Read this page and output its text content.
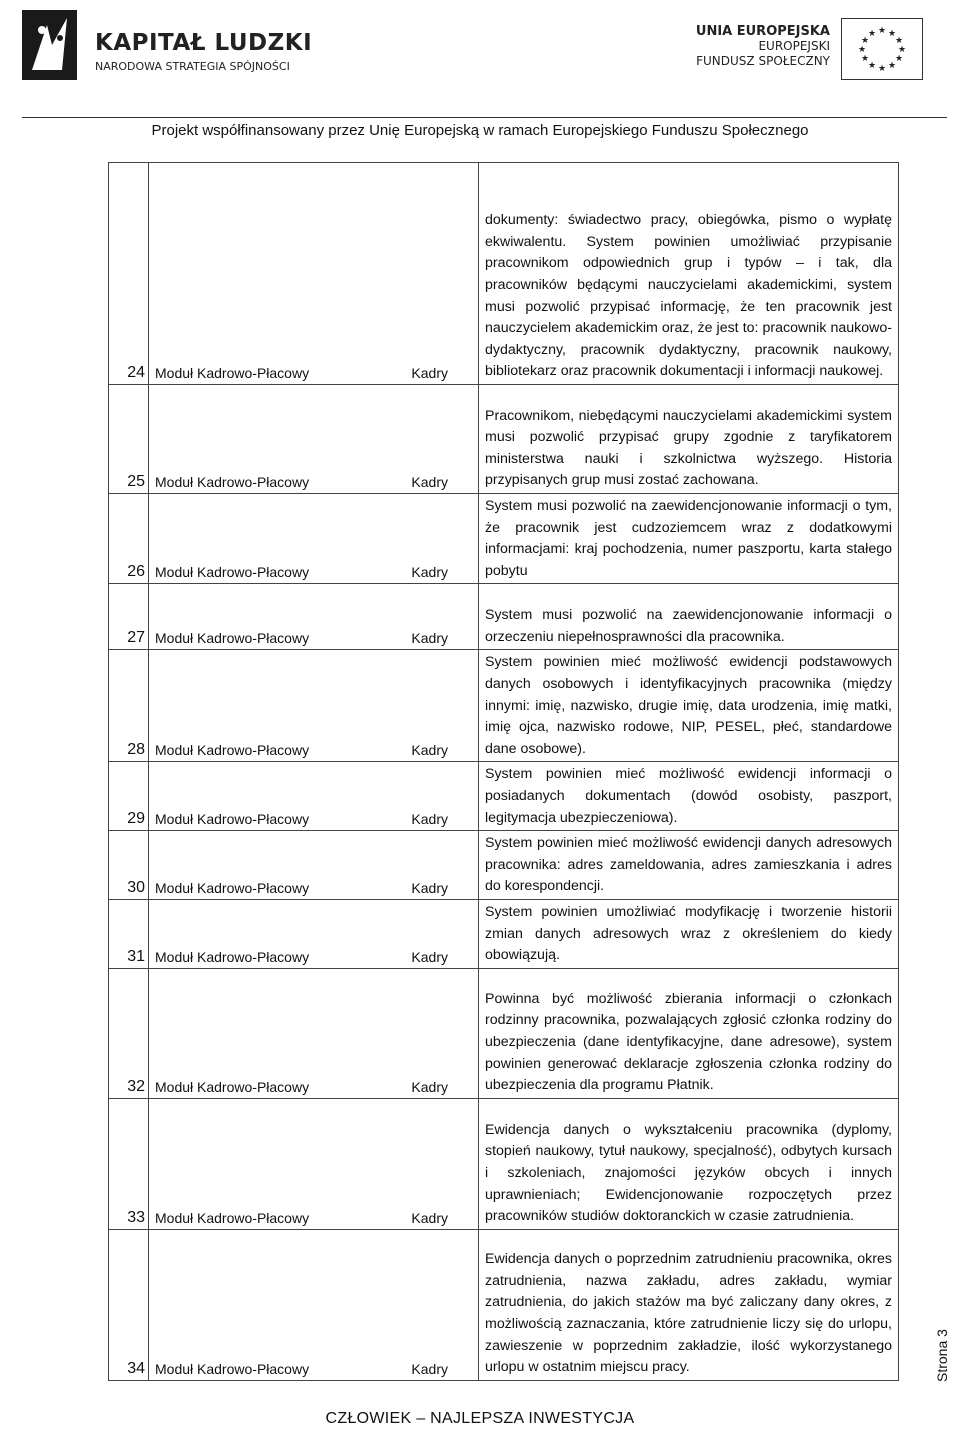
KAPITAŁ LUDZKI
NARODOWA STRATEGIA SPÓJNOŚCI
UNIA EUROPEJSKA
EUROPEJSKI
FUNDUSZ SPOŁECZNY
★ ★
★
★
★
★
★
★
★
★
★
★
Projekt współfinansowany przez Unię Europejską w ramach Europejskiego Funduszu Społecznego
24	Moduł Kadrowo-Płacowy Kadry	dokumenty: świadectwo pracy, obiegówka, pismo o wypłatę ekwiwalentu. System powinien umożliwiać przypisanie pracownikom odpowiednich grup i typów – i tak, dla pracowników będącymi nauczycielami akademickimi, system musi pozwolić przypisać informację, że ten pracownik jest nauczycielem akademickim oraz, że jest to: pracownik naukowo-dydaktyczny, pracownik dydaktyczny, pracownik naukowy, bibliotekarz oraz pracownik dokumentacji i informacji naukowej.
25	Moduł Kadrowo-Płacowy Kadry	Pracownikom, niebędącymi nauczycielami akademickimi system musi pozwolić przypisać grupy zgodnie z taryfikatorem ministerstwa nauki i szkolnictwa wyższego. Historia przypisanych grup musi zostać zachowana.
26	Moduł Kadrowo-Płacowy Kadry	System musi pozwolić na zaewidencjonowanie informacji o tym, że pracownik jest cudzoziemcem wraz z dodatkowymi informacjami: kraj pochodzenia, numer paszportu, karta stałego pobytu
27	Moduł Kadrowo-Płacowy Kadry	System musi pozwolić na zaewidencjonowanie informacji o orzeczeniu niepełnosprawności dla pracownika.
28	Moduł Kadrowo-Płacowy Kadry	System powinien mieć możliwość ewidencji podstawowych danych osobowych i identyfikacyjnych pracownika (między innymi: imię, nazwisko, drugie imię, data urodzenia, imię matki, imię ojca, nazwisko rodowe, NIP, PESEL, płeć, standardowe dane osobowe).
29	Moduł Kadrowo-Płacowy Kadry	System powinien mieć możliwość ewidencji informacji o posiadanych dokumentach (dowód osobisty, paszport, legitymacja ubezpieczeniowa).
30	Moduł Kadrowo-Płacowy Kadry	System powinien mieć możliwość ewidencji danych adresowych pracownika: adres zameldowania, adres zamieszkania i adres do korespondencji.
31	Moduł Kadrowo-Płacowy Kadry	System powinien umożliwiać modyfikację i tworzenie historii zmian danych adresowych wraz z określeniem do kiedy obowiązują.
32	Moduł Kadrowo-Płacowy Kadry	Powinna być możliwość zbierania informacji o członkach rodzinny pracownika, pozwalających zgłosić członka rodziny do ubezpieczenia (dane identyfikacyjne, dane adresowe), system powinien generować deklaracje zgłoszenia członka rodziny do ubezpieczenia dla programu Płatnik.
33	Moduł Kadrowo-Płacowy Kadry	Ewidencja danych o wykształceniu pracownika (dyplomy, stopień naukowy, tytuł naukowy, specjalność), odbytych kursach i szkoleniach, znajomości języków obcych i innych uprawnieniach; Ewidencjonowanie rozpoczętych przez pracowników studiów doktoranckich w czasie zatrudnienia.
34	Moduł Kadrowo-Płacowy Kadry	Ewidencja danych o poprzednim zatrudnieniu pracownika, okres zatrudnienia, nazwa zakładu, adres zakładu, wymiar zatrudnienia, do jakich stażów ma być zaliczany dany okres, z możliwością zaznaczania, które zatrudnienie liczy się do urlopu, zawieszenie w poprzednim zakładzie, ilość wykorzystanego urlopu w ostatnim miejscu pracy.	Strona 3
CZŁOWIEK – NAJLEPSZA INWESTYCJA
